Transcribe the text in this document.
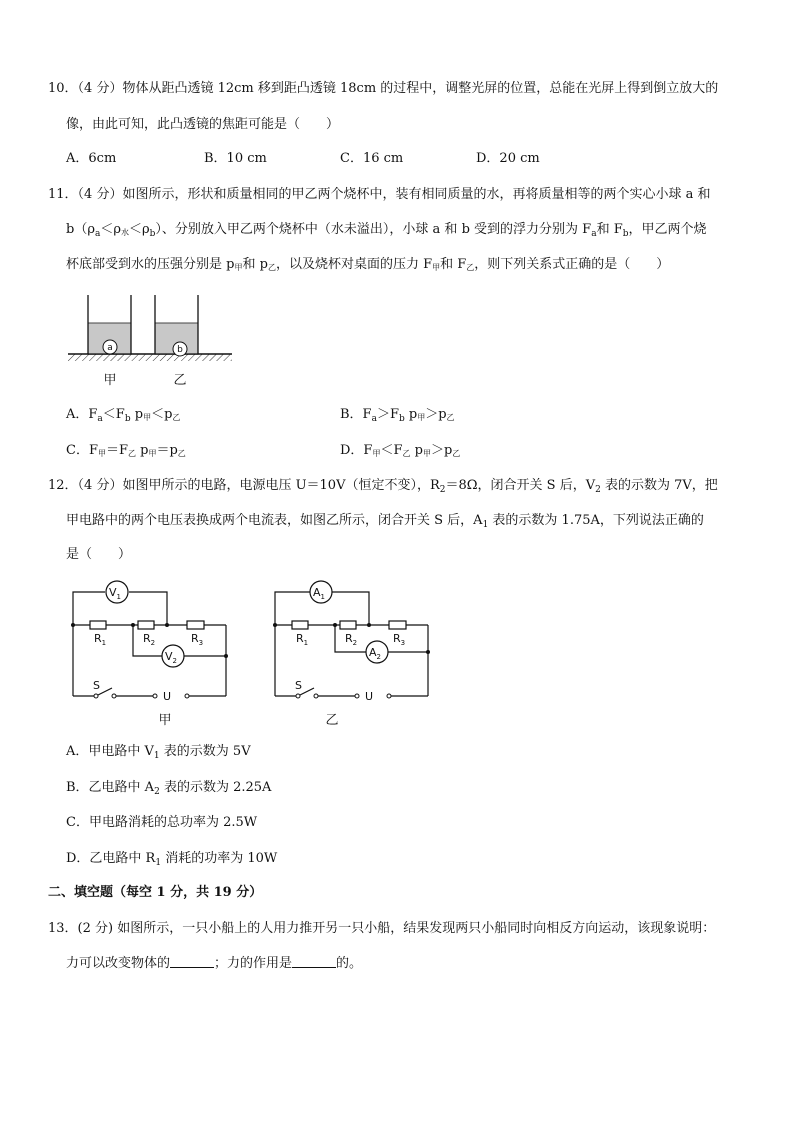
10．（4 分）物体从距凸透镜 12cm 移到距凸透镜 18cm 的过程中，调整光屏的位置，总能在光屏上得到倒立放大的
像，由此可知，此凸透镜的焦距可能是（　　）
A．6cm	B．10 cm	C．16 cm	D．20 cm
11．（4 分）如图所示，形状和质量相同的甲乙两个烧杯中，装有相同质量的水，再将质量相等的两个实心小球 a 和
$b(\rho_a<\rho_水<\rho_b)$、分别放入甲乙两个烧杯中（水未溢出），小球 a 和 b 受到的浮力分别为 $F_a$和 $F_b$，甲乙两个烧
杯底部受到水的压强分别是 $p_甲$和 $p_乙$，以及烧杯对桌面的压力 $F_甲$和 $F_乙$，则下列关系式正确的是（　　）
a	b
甲	乙
A．$F_a<F_b$ $p_甲<p_乙$	B．$F_a>F_b$ $p_甲>p_乙$
C．$F_甲=F_乙$ $p_甲=p_乙$	D．$F_甲<F_乙$ $p_甲>p_乙$
12．（4 分）如图甲所示的电路，电源电压 U＝10V（恒定不变），$R_2=8\Omega$，闭合开关 S 后，$V_2$ 表的示数为 7V，把
甲电路中的两个电压表换成两个电流表，如图乙所示，闭合开关 S 后，$A_1$ 表的示数为 1.75A，下列说法正确的
是（　　）
$V_1$
$V_2$
$R_1$	$R_2$	$R_3$
S
U
甲
$A_1$
$A_2$
$R_1$	$R_2$	$R_3$
S
U
乙
A．甲电路中 $V_1$ 表的示数为 5V
B．乙电路中 $A_2$ 表的示数为 2.25A
C．甲电路消耗的总功率为 2.5W
D．乙电路中 $R_1$ 消耗的功率为 10W
二、填空题（每空 1 分，共 19 分）
13．(2 分) 如图所示，一只小船上的人用力推开另一只小船，结果发现两只小船同时向相反方向运动，该现象说明：
力可以改变物体的	；力的作用是	的。
